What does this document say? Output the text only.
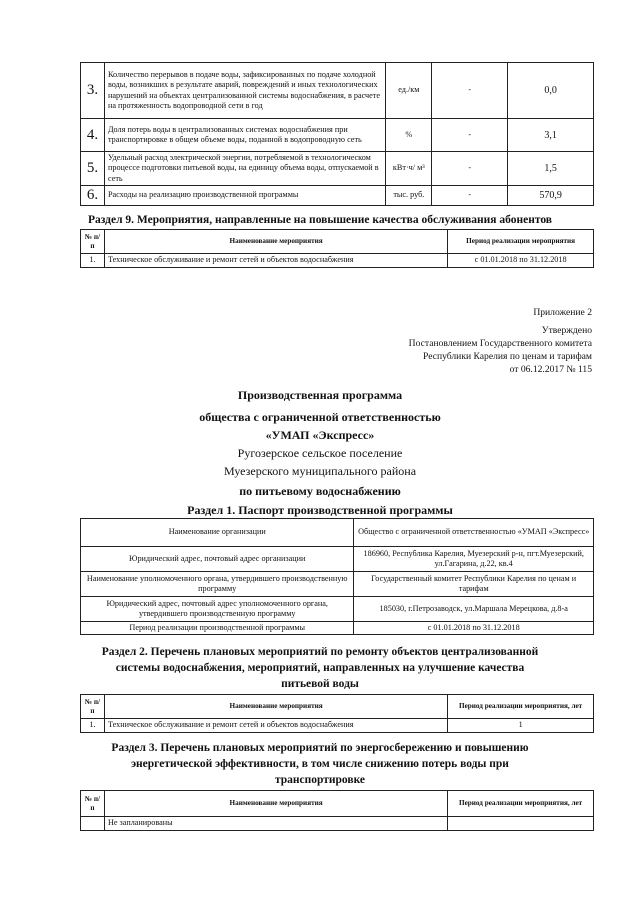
3.	Количество перерывов в подаче воды, зафиксированных по подаче холодной воды, возникших в результате аварий, повреждений и иных технологических нарушений на объектах централизованной системы водоснабжения, в расчете на протяженность водопроводной сети в год	ед./км	-	0,0
4.	Доля потерь воды в централизованных системах водоснабжения при транспортировке в общем объеме воды, поданной в водопроводную сеть	%	-	3,1
5.	Удельный расход электрической энергии, потребляемой в технологическом процессе подготовки питьевой воды, на единицу объема воды, отпускаемой в сеть	кВт·ч/ м³	-	1,5
6.	Расходы на реализацию производственной программы	тыс. руб.	-	570,9
Раздел 9. Мероприятия, направленные на повышение качества обслуживания абонентов
№ п/п	Наименование мероприятия	Период реализации мероприятия
1.	Техническое обслуживание и ремонт сетей и объектов водоснабжения	с 01.01.2018 по 31.12.2018
Приложение 2
Утверждено
Постановлением Государственного комитета
Республики Карелия по ценам и тарифам
от 06.12.2017 № 115
Производственная программа
общества с ограниченной ответственностью
«УМАП «Экспресс»
Ругозерское сельское поселение
Муезерского муниципального района
по питьевому водоснабжению
Раздел 1. Паспорт производственной программы
Наименование организации	Общество с ограниченной ответственностью «УМАП «Экспресс»
Юридический адрес, почтовый адрес организации	186960, Республика Карелия, Муезерский р-н, пгт.Муезерский, ул.Гагарина, д.22, кв.4
Наименование уполномоченного органа, утвердившего производственную программу	Государственный комитет Республики Карелия по ценам и тарифам
Юридический адрес, почтовый адрес уполномоченного органа, утвердившего производственную программу	185030, г.Петрозаводск, ул.Маршала Мерецкова, д.8-а
Период реализации производственной программы	с 01.01.2018 по 31.12.2018
Раздел 2. Перечень плановых мероприятий по ремонту объектов централизованной
системы водоснабжения, мероприятий, направленных на улучшение качества
питьевой воды
№ п/п	Наименование мероприятия	Период реализации мероприятия, лет
1.	Техническое обслуживание и ремонт сетей и объектов водоснабжения	1
Раздел 3. Перечень плановых мероприятий по энергосбережению и повышению
энергетической эффективности, в том числе снижению потерь воды при
транспортировке
№ п/п	Наименование мероприятия	Период реализации мероприятия, лет
	Не запланированы	
